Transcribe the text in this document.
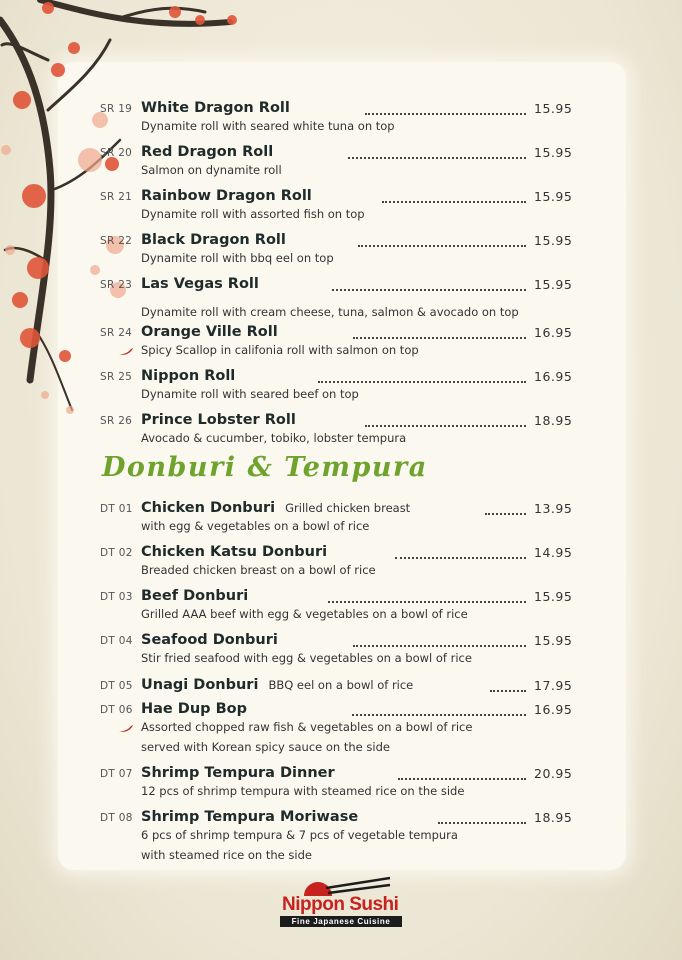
SR 19 White Dragon Roll	15.95
Dynamite roll with seared white tuna on top
SR 20 Red Dragon Roll	15.95
Salmon on dynamite roll
SR 21 Rainbow Dragon Roll	15.95
Dynamite roll with assorted fish on top
SR 22 Black Dragon Roll	15.95
Dynamite roll with bbq eel on top
SR 23 Las Vegas Roll	15.95
Dynamite roll with cream cheese, tuna, salmon & avocado on top
SR 24 Orange Ville Roll	16.95
Spicy Scallop in califonia roll with salmon on top
SR 25 Nippon Roll	16.95
Dynamite roll with seared beef on top
SR 26 Prince Lobster Roll	18.95
Avocado & cucumber, tobiko, lobster tempura
Donburi & Tempura
DT 01 Chicken Donburi Grilled chicken breast	13.95
with egg & vegetables on a bowl of rice
DT 02 Chicken Katsu Donburi	14.95
Breaded chicken breast on a bowl of rice
DT 03 Beef Donburi	15.95
Grilled AAA beef with egg & vegetables on a bowl of rice
DT 04 Seafood Donburi	15.95
Stir fried seafood with egg & vegetables on a bowl of rice
DT 05 Unagi Donburi BBQ eel on a bowl of rice	17.95
DT 06 Hae Dup Bop	16.95
Assorted chopped raw fish & vegetables on a bowl of rice
served with Korean spicy sauce on the side
DT 07 Shrimp Tempura Dinner	20.95
12 pcs of shrimp tempura with steamed rice on the side
DT 08 Shrimp Tempura Moriwase	18.95
6 pcs of shrimp tempura & 7 pcs of vegetable tempura
with steamed rice on the side
Nippon Sushi
Fine Japanese Cuisine
